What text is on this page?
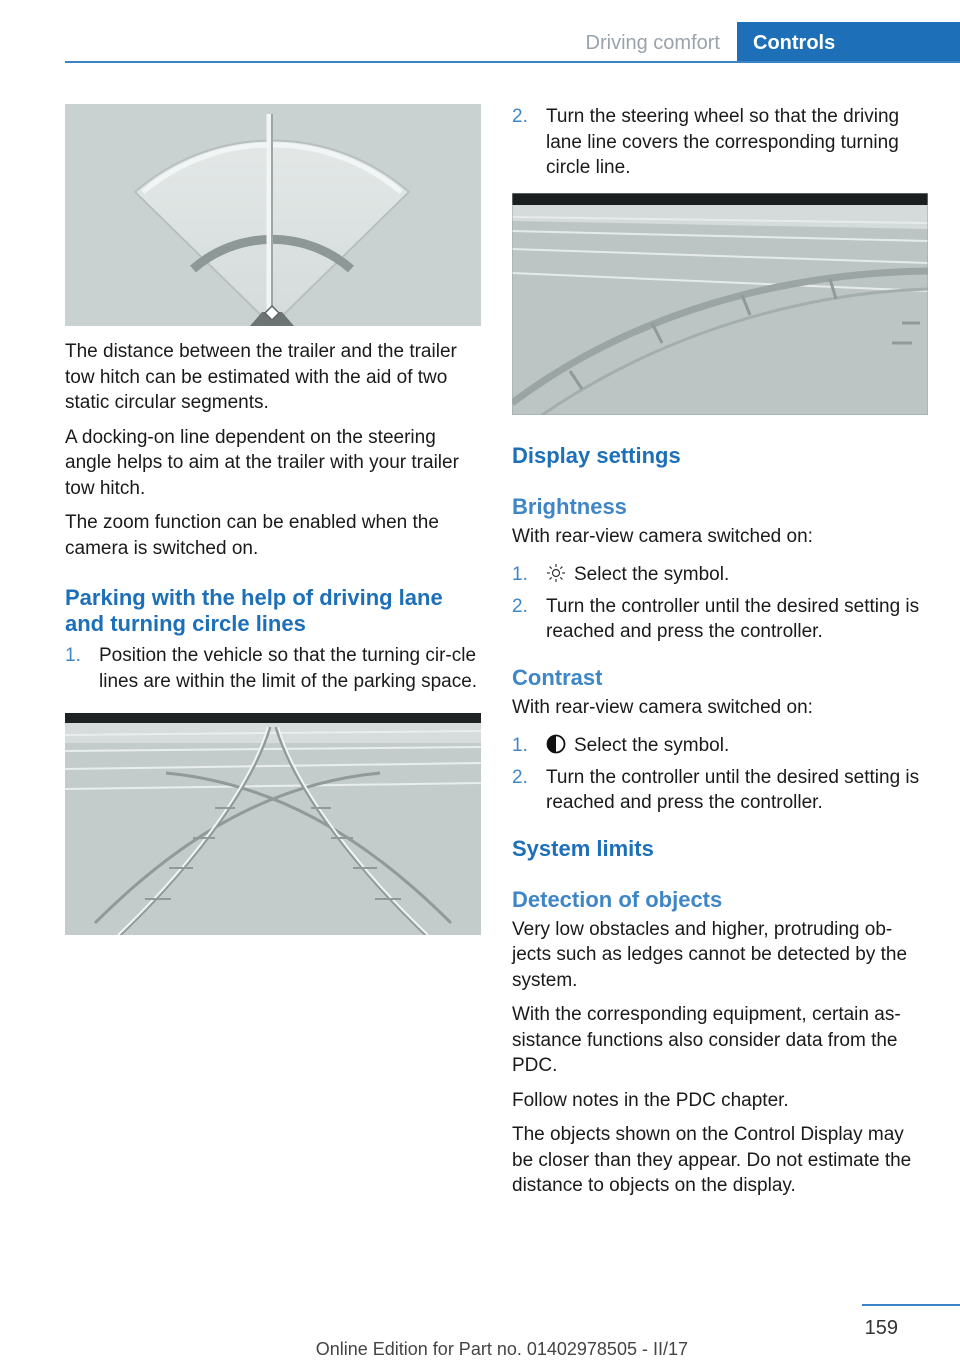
Driving comfort	Controls

The distance between the trailer and the trailer tow hitch can be estimated with the aid of two static circular segments.

A docking-on line dependent on the steering angle helps to aim at the trailer with your trailer tow hitch.

The zoom function can be enabled when the camera is switched on.

Parking with the help of driving lane and turning circle lines
1. Position the vehicle so that the turning cir‐cle lines are within the limit of the parking space.
2. Turn the steering wheel so that the driving lane line covers the corresponding turning circle line.
Display settings
Brightness

With rear-view camera switched on:

1. Select the symbol.
2. Turn the controller until the desired setting is reached and press the controller.
Contrast

With rear-view camera switched on:

1. Select the symbol.
2. Turn the controller until the desired setting is reached and press the controller.
System limits
Detection of objects

Very low obstacles and higher, protruding ob‐jects such as ledges cannot be detected by the system.

With the corresponding equipment, certain as‐sistance functions also consider data from the PDC.

Follow notes in the PDC chapter.

The objects shown on the Control Display may be closer than they appear. Do not estimate the distance to objects on the display.

159
Online Edition for Part no. 01402978505 - II/17
